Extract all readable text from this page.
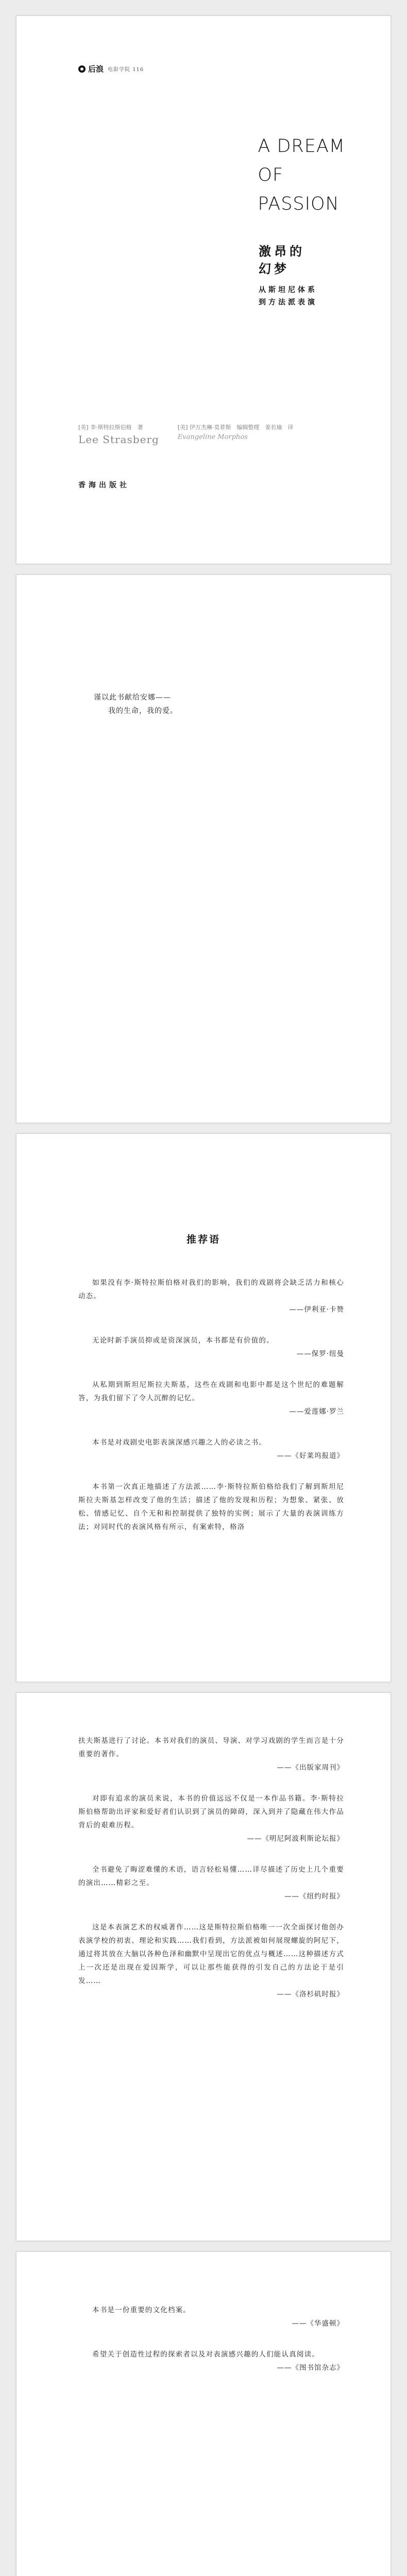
后浪 电影学院 116
A DREAM
OF
PASSION
激昂的
幻梦
从斯坦尼体系
到方法派表演
[美] 李·斯特拉斯伯格　著
Lee Strasberg
[美] 伊万杰琳·莫菲斯　编辑整理　姜若瑜　译
Evangeline Morphos
香海出版社
谨以此书献给安娜——
我的生命，我的爱。
推荐语
如果没有李·斯特拉斯伯格对我们的影响，我们的戏剧将会缺乏活力和核心动态。
——伊利亚·卡赞
无论时新手演员抑或是资深演员，本书都是有价值的。
——保罗·纽曼
从私期到斯坦尼斯拉夫斯基，这些在戏剧和电影中都是这个世纪的难题解答，为我们留下了令人沉醉的记忆。
——爱莲娜·罗兰
本书是对戏剧史电影表演深感兴趣之人的必读之书。
——《好莱坞报道》
本书第一次真正地描述了方法派……李·斯特拉斯伯格给我们了解到斯坦尼斯拉夫斯基怎样改变了他的生活；描述了他的发现和历程；为想象、紧张、放松、情感记忆、自个无和和控制提供了独特的实例；展示了大量的表演训练方法；对同时代的表演风格有所示，有案索特，格洛
扶夫斯基进行了讨论。本书对我们的演员、导演、对学习戏剧的学生而言是十分重要的著作。
——《出版家周刊》
对即有追求的演员来说，本书的价值远远不仅是一本作品书籍。李·斯特拉斯伯格帮助出评家和爱好者们认识到了演员的障碍，深入到并了隐藏在伟大作品背后的艰难历程。
——《明尼阿波利斯论坛报》
全书避免了晦涩难懂的术语，语言轻松易懂……详尽描述了历史上几个重要的演出……精彩之至。
——《纽约时报》
这是本表演艺术的权威著作……这是斯特拉斯伯格唯一一次全面探讨他创办表演学校的初衷、理论和实践……我们看到，方法派被如何展现螺旋的阿尼下，通过将其放在大脑以各种色泽和幽默中呈现出它的优点与概述……这种描述方式上一次还是出现在爱因斯学，可以让那些能获得的引发自己的方法论于是引发……
——《洛杉矶时报》
本书是一份重要的文化档案。
——《华盛顿》
希望关于创造性过程的探索者以及对表演感兴趣的人们能认真阅读。
——《图书馆杂志》
